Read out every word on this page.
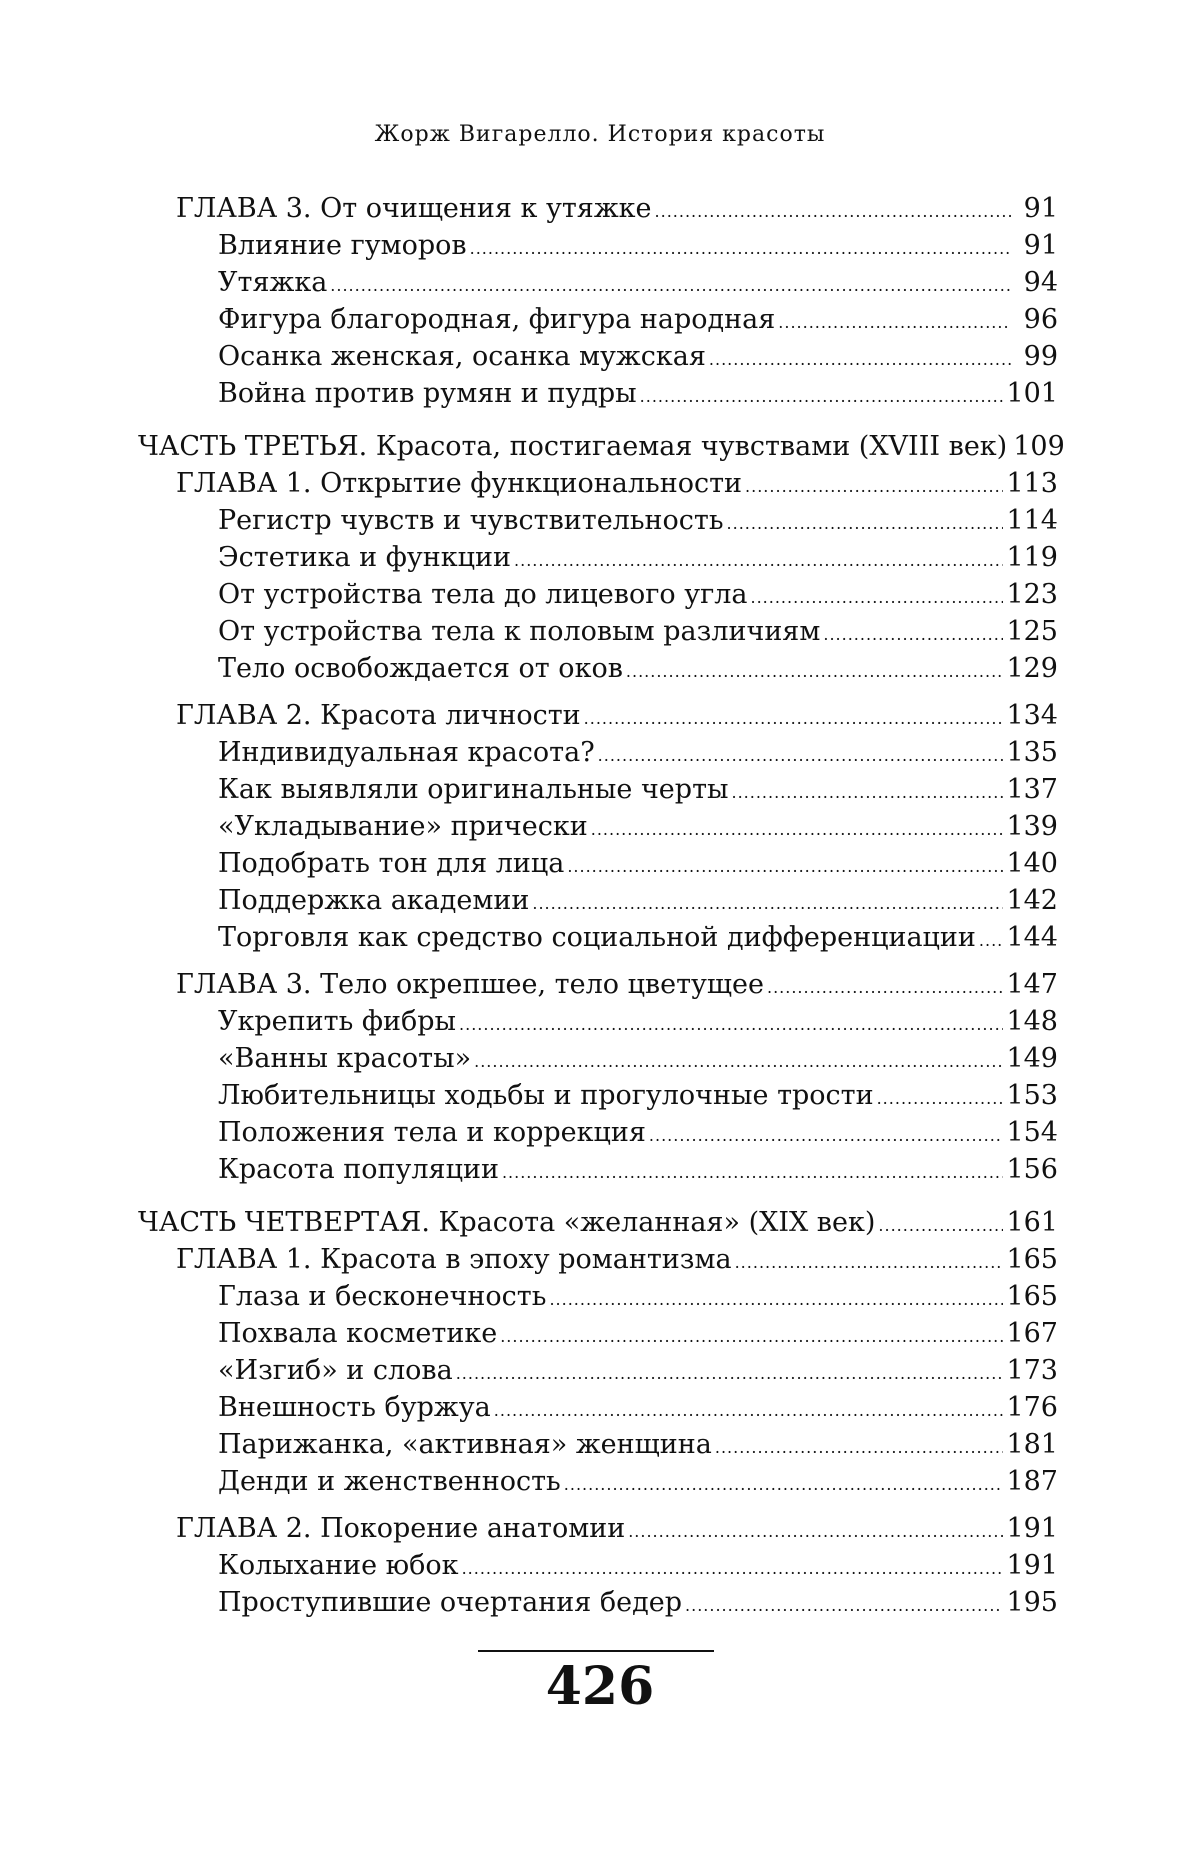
Жорж Вигарелло. История красоты
ГЛАВА 3. От очищения к утяжке .....	91
Влияние гуморов .....	91
Утяжка .....	94
Фигура благородная, фигура народная .....	96
Осанка женская, осанка мужская .....	99
Война против румян и пудры .....	101
ЧАСТЬ ТРЕТЬЯ. Красота, постигаемая чувствами (XVIII век) 109
ГЛАВА 1. Открытие функциональности .....	113
Регистр чувств и чувствительность .....	114
Эстетика и функции .....	119
От устройства тела до лицевого угла .....	123
От устройства тела к половым различиям .....	125
Тело освобождается от оков .....	129
ГЛАВА 2. Красота личности .....	134
Индивидуальная красота? .....	135
Как выявляли оригинальные черты .....	137
«Укладывание» прически .....	139
Подобрать тон для лица .....	140
Поддержка академии .....	142
Торговля как средство социальной дифференциации ..... 144
ГЛАВА 3. Тело окрепшее, тело цветущее .....	147
Укрепить фибры .....	148
«Ванны красоты» .....	149
Любительницы ходьбы и прогулочные трости .....	153
Положения тела и коррекция .....	154
Красота популяции .....	156
ЧАСТЬ ЧЕТВЕРТАЯ. Красота «желанная» (XIX век) .....	161
ГЛАВА 1. Красота в эпоху романтизма .....	165
Глаза и бесконечность .....	165
Похвала косметике .....	167
«Изгиб» и слова .....	173
Внешность буржуа .....	176
Парижанка, «активная» женщина .....	181
Денди и женственность .....	187
ГЛАВА 2. Покорение анатомии .....	191
Колыхание юбок .....	191
Проступившие очертания бедер .....	195
426
